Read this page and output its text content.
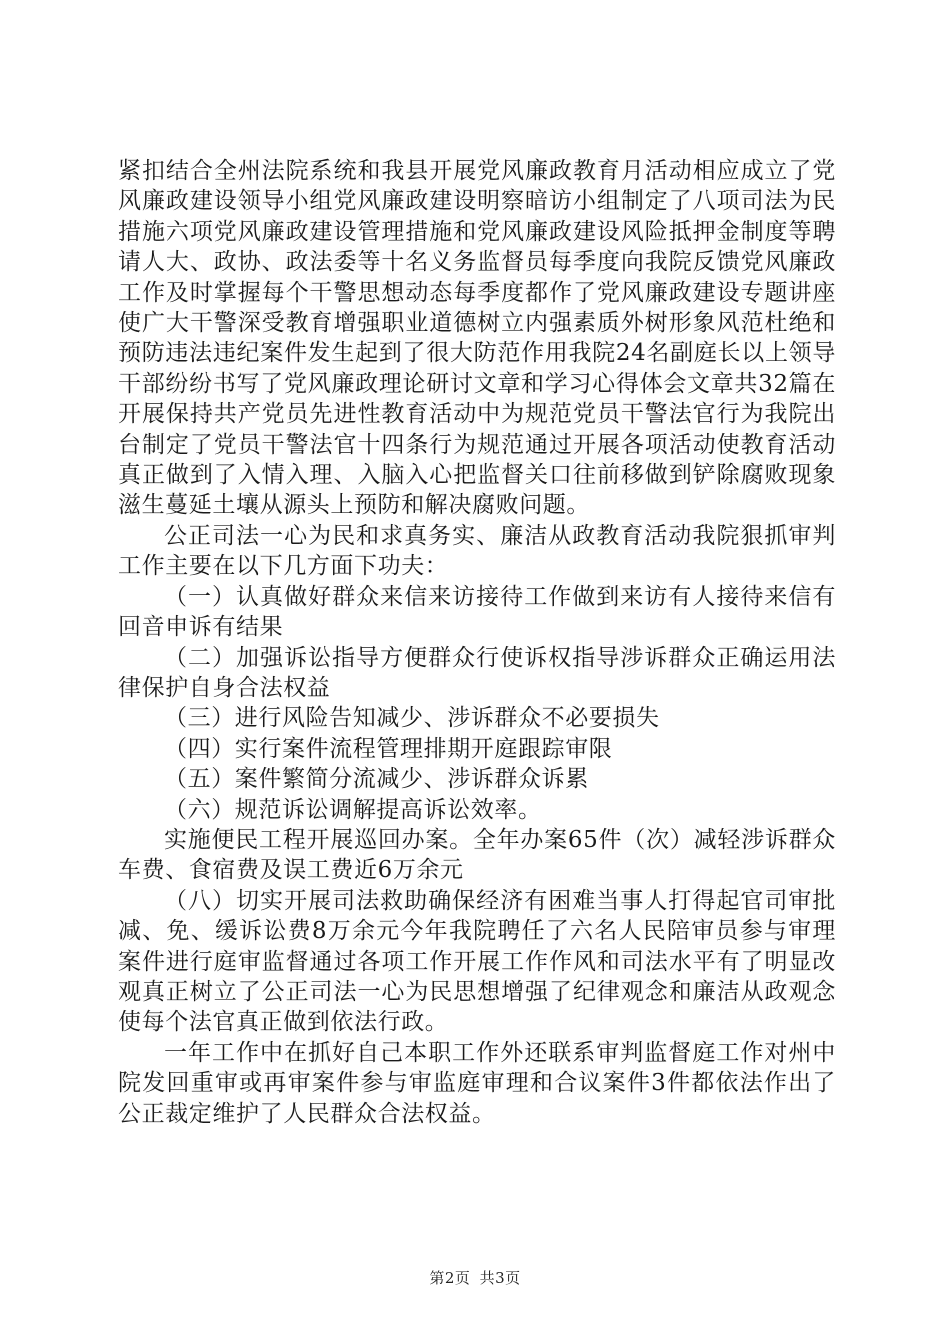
紧扣结合全州法院系统和我县开展党风廉政教育月活动相应成立了党风廉政建设领导小组党风廉政建设明察暗访小组制定了八项司法为民措施六项党风廉政建设管理措施和党风廉政建设风险抵押金制度等聘请人大、政协、政法委等十名义务监督员每季度向我院反馈党风廉政工作及时掌握每个干警思想动态每季度都作了党风廉政建设专题讲座使广大干警深受教育增强职业道德树立内强素质外树形象风范杜绝和预防违法违纪案件发生起到了很大防范作用我院24名副庭长以上领导干部纷纷书写了党风廉政理论研讨文章和学习心得体会文章共32篇在开展保持共产党员先进性教育活动中为规范党员干警法官行为我院出台制定了党员干警法官十四条行为规范通过开展各项活动使教育活动真正做到了入情入理、入脑入心把监督关口往前移做到铲除腐败现象滋生蔓延土壤从源头上预防和解决腐败问题。

公正司法一心为民和求真务实、廉洁从政教育活动我院狠抓审判工作主要在以下几方面下功夫：

（一）认真做好群众来信来访接待工作做到来访有人接待来信有回音申诉有结果

（二）加强诉讼指导方便群众行使诉权指导涉诉群众正确运用法律保护自身合法权益

（三）进行风险告知减少、涉诉群众不必要损失

（四）实行案件流程管理排期开庭跟踪审限

（五）案件繁简分流减少、涉诉群众诉累

（六）规范诉讼调解提高诉讼效率。

实施便民工程开展巡回办案。全年办案65件（次）减轻涉诉群众车费、食宿费及误工费近6万余元

（八）切实开展司法救助确保经济有困难当事人打得起官司审批减、免、缓诉讼费8万余元今年我院聘任了六名人民陪审员参与审理案件进行庭审监督通过各项工作开展工作作风和司法水平有了明显改观真正树立了公正司法一心为民思想增强了纪律观念和廉洁从政观念使每个法官真正做到依法行政。

一年工作中在抓好自己本职工作外还联系审判监督庭工作对州中院发回重审或再审案件参与审监庭审理和合议案件3件都依法作出了公正裁定维护了人民群众合法权益。

第2页 共3页
